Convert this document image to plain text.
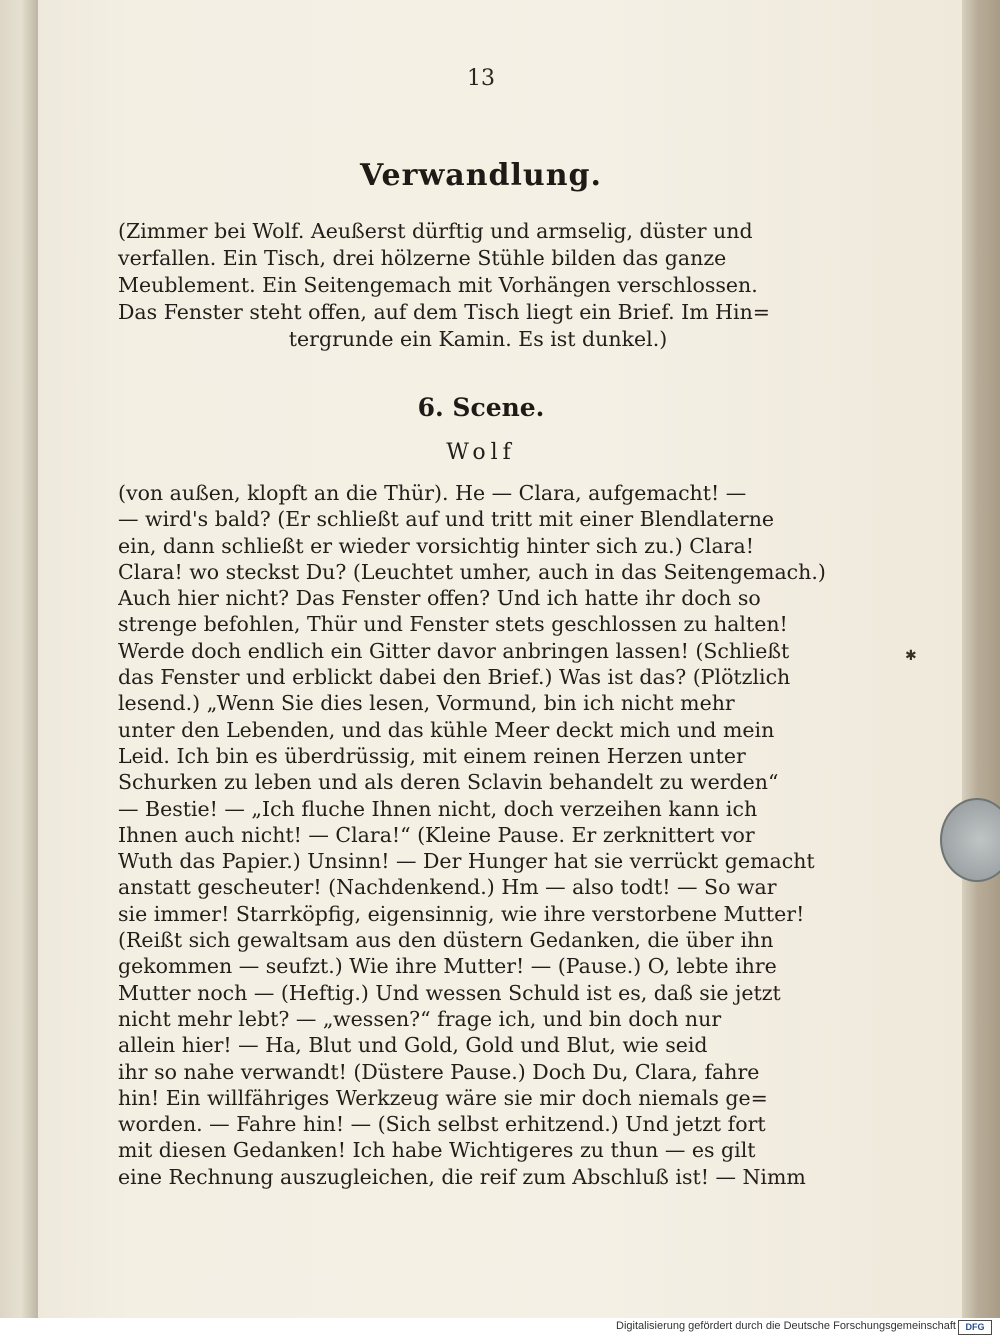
✱
13
Verwandlung.
(Zimmer bei Wolf. Aeußerst dürftig und armselig, düster und
verfallen. Ein Tisch, drei hölzerne Stühle bilden das ganze
Meublement. Ein Seitengemach mit Vorhängen verschlossen.
Das Fenster steht offen, auf dem Tisch liegt ein Brief. Im Hin=
tergrunde ein Kamin. Es ist dunkel.)
6. Scene.
Wolf
(von außen, klopft an die Thür). He — Clara, aufgemacht! —
— wird's bald? (Er schließt auf und tritt mit einer Blendlaterne
ein, dann schließt er wieder vorsichtig hinter sich zu.) Clara!
Clara! wo steckst Du? (Leuchtet umher, auch in das Seitengemach.)
Auch hier nicht? Das Fenster offen? Und ich hatte ihr doch so
strenge befohlen, Thür und Fenster stets geschlossen zu halten!
Werde doch endlich ein Gitter davor anbringen lassen! (Schließt
das Fenster und erblickt dabei den Brief.) Was ist das? (Plötzlich
lesend.) „Wenn Sie dies lesen, Vormund, bin ich nicht mehr
unter den Lebenden, und das kühle Meer deckt mich und mein
Leid. Ich bin es überdrüssig, mit einem reinen Herzen unter
Schurken zu leben und als deren Sclavin behandelt zu werden“
— Bestie! — „Ich fluche Ihnen nicht, doch verzeihen kann ich
Ihnen auch nicht! — Clara!“ (Kleine Pause. Er zerknittert vor
Wuth das Papier.) Unsinn! — Der Hunger hat sie verrückt gemacht
anstatt gescheuter! (Nachdenkend.) Hm — also todt! — So war
sie immer! Starrköpfig, eigensinnig, wie ihre verstorbene Mutter!
(Reißt sich gewaltsam aus den düstern Gedanken, die über ihn
gekommen — seufzt.) Wie ihre Mutter! — (Pause.) O, lebte ihre
Mutter noch — (Heftig.) Und wessen Schuld ist es, daß sie jetzt
nicht mehr lebt? — „wessen?“ frage ich, und bin doch nur
allein hier! — Ha, Blut und Gold, Gold und Blut, wie seid
ihr so nahe verwandt! (Düstere Pause.) Doch Du, Clara, fahre
hin! Ein willfähriges Werkzeug wäre sie mir doch niemals ge=
worden. — Fahre hin! — (Sich selbst erhitzend.) Und jetzt fort
mit diesen Gedanken! Ich habe Wichtigeres zu thun — es gilt
eine Rechnung auszugleichen, die reif zum Abschluß ist! — Nimm
Digitalisierung gefördert durch die Deutsche Forschungsgemeinschaft	DFG
